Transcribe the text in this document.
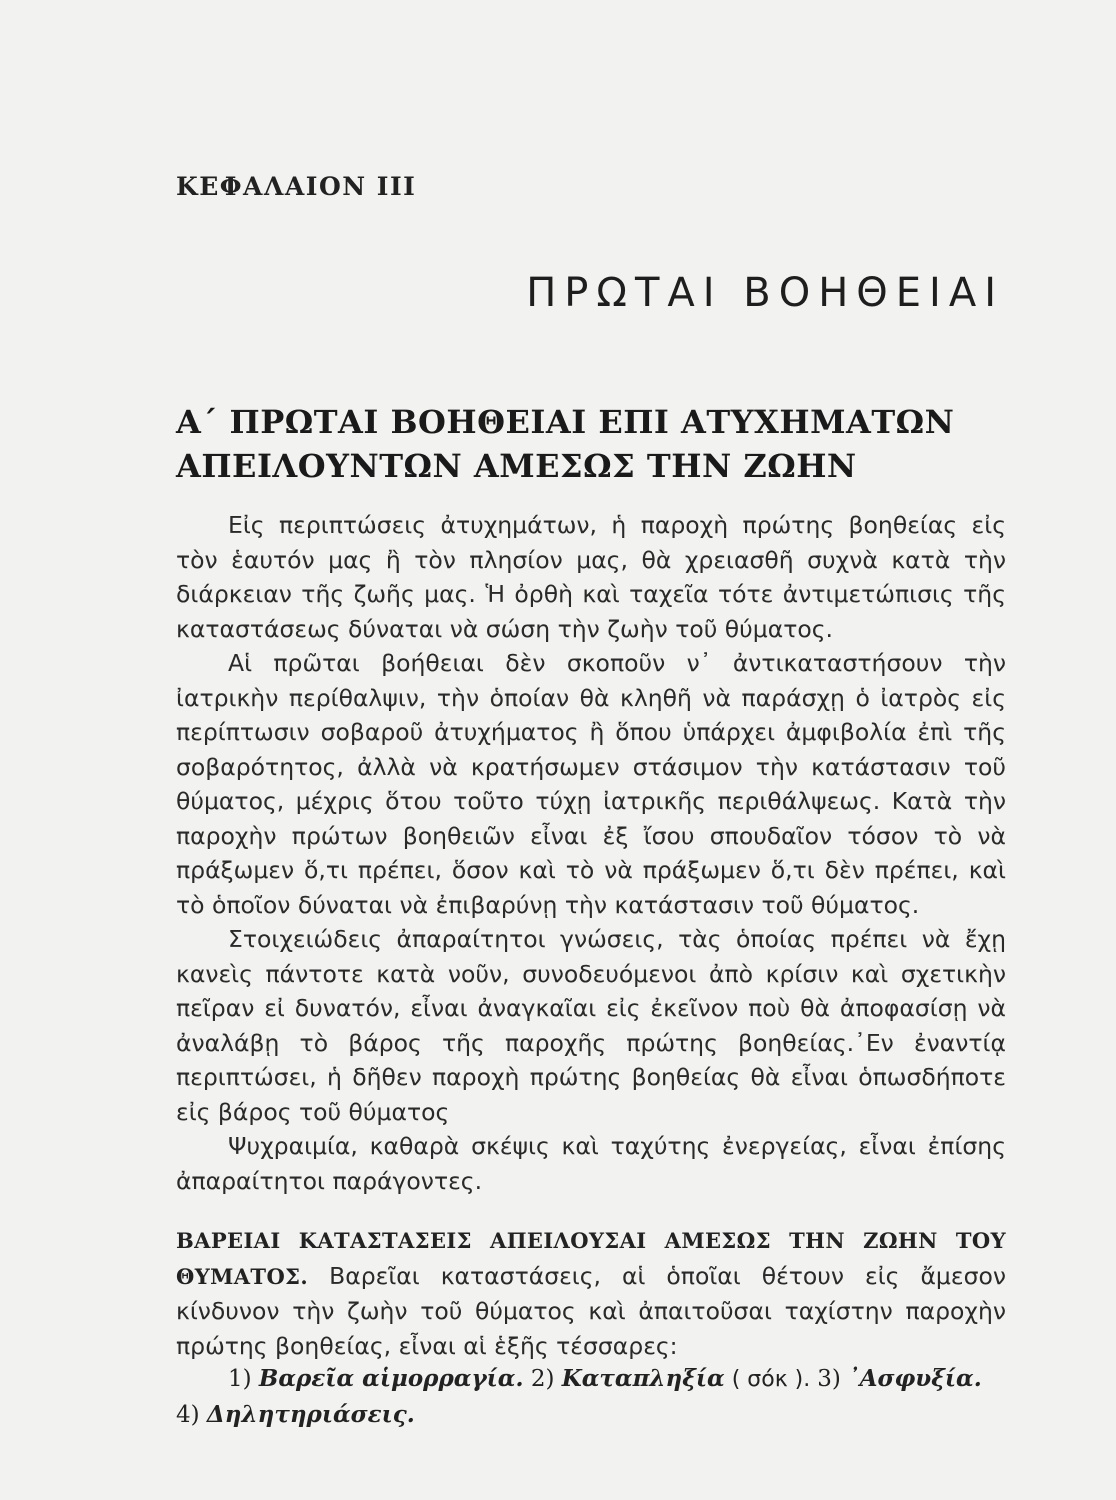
ΚΕΦΑΛΑΙΟΝ III
ΠΡΩΤΑΙ ΒΟΗΘΕΙΑΙ
Α΄ ΠΡΩΤΑΙ ΒΟΗΘΕΙΑΙ ΕΠΙ ΑΤΥΧΗΜΑΤΩΝ
ΑΠΕΙΛΟΥΝΤΩΝ ΑΜΕΣΩΣ ΤΗΝ ΖΩΗΝ

Εἰς περιπτώσεις ἀτυχημάτων, ἡ παροχὴ πρώτης βοηθείας εἰς τὸν ἑαυτόν μας ἢ τὸν πλησίον μας, θὰ χρειασθῆ συχνὰ κατὰ τὴν διάρκειαν τῆς ζωῆς μας. Ἡ ὀρθὴ καὶ ταχεῖα τότε ἀντιμετώπισις τῆς καταστάσεως δύναται νὰ σώση τὴν ζωὴν τοῦ θύματος.

Αἱ πρῶται βοήθειαι δὲν σκοποῦν ν᾽ ἀντικαταστήσουν τὴν ἰατρικὴν περίθαλψιν, τὴν ὁποίαν θὰ κληθῆ νὰ παράσχῃ ὁ ἰατρὸς εἰς περίπτωσιν σοβαροῦ ἀτυχήματος ἢ ὅπου ὑπάρχει ἀμφιβολία ἐπὶ τῆς σοβαρότητος, ἀλλὰ νὰ κρατήσωμεν στάσιμον τὴν κατάστασιν τοῦ θύματος, μέχρις ὅτου τοῦτο τύχῃ ἰατρικῆς περιθάλψεως. Κατὰ τὴν παροχὴν πρώτων βοηθειῶν εἶναι ἐξ ἴσου σπουδαῖον τόσον τὸ νὰ πράξωμεν ὅ,τι πρέπει, ὅσον καὶ τὸ νὰ πράξωμεν ὅ,τι δὲν πρέπει, καὶ τὸ ὁποῖον δύναται νὰ ἐπιβαρύνῃ τὴν κατάστασιν τοῦ θύματος.

Στοιχειώδεις ἀπαραίτητοι γνώσεις, τὰς ὁποίας πρέπει νὰ ἔχῃ κανεὶς πάντοτε κατὰ νοῦν, συνοδευόμενοι ἀπὸ κρίσιν καὶ σχετικὴν πεῖραν εἰ δυνατόν, εἶναι ἀναγκαῖαι εἰς ἐκεῖνον ποὺ θὰ ἀποφασίσῃ νὰ ἀναλάβῃ τὸ βάρος τῆς παροχῆς πρώτης βοηθείας.᾽Εν ἐναντίᾳ περιπτώσει, ἡ δῆθεν παροχὴ πρώτης βοηθείας θὰ εἶναι ὁπωσδήποτε εἰς βάρος τοῦ θύματος

Ψυχραιμία, καθαρὰ σκέψις καὶ ταχύτης ἐνεργείας, εἶναι ἐπίσης ἀπαραίτητοι παράγοντες.

ΒΑΡΕΙΑΙ ΚΑΤΑΣΤΑΣΕΙΣ ΑΠΕΙΛΟΥΣΑΙ ΑΜΕΣΩΣ ΤΗΝ ΖΩΗΝ ΤΟΥ ΘΥΜΑΤΟΣ. Βαρεῖαι καταστάσεις, αἱ ὁποῖαι θέτουν εἰς ἄμεσον κίνδυνον τὴν ζωὴν τοῦ θύματος καὶ ἀπαιτοῦσαι ταχίστην παροχὴν πρώτης βοηθείας, εἶναι αἱ ἑξῆς τέσσαρες:
1) Βαρεῖα αἱμορραγία. 2) Καταπληξία ( σόκ ). 3) ᾽Ασφυξία.
4) Δηλητηριάσεις.
